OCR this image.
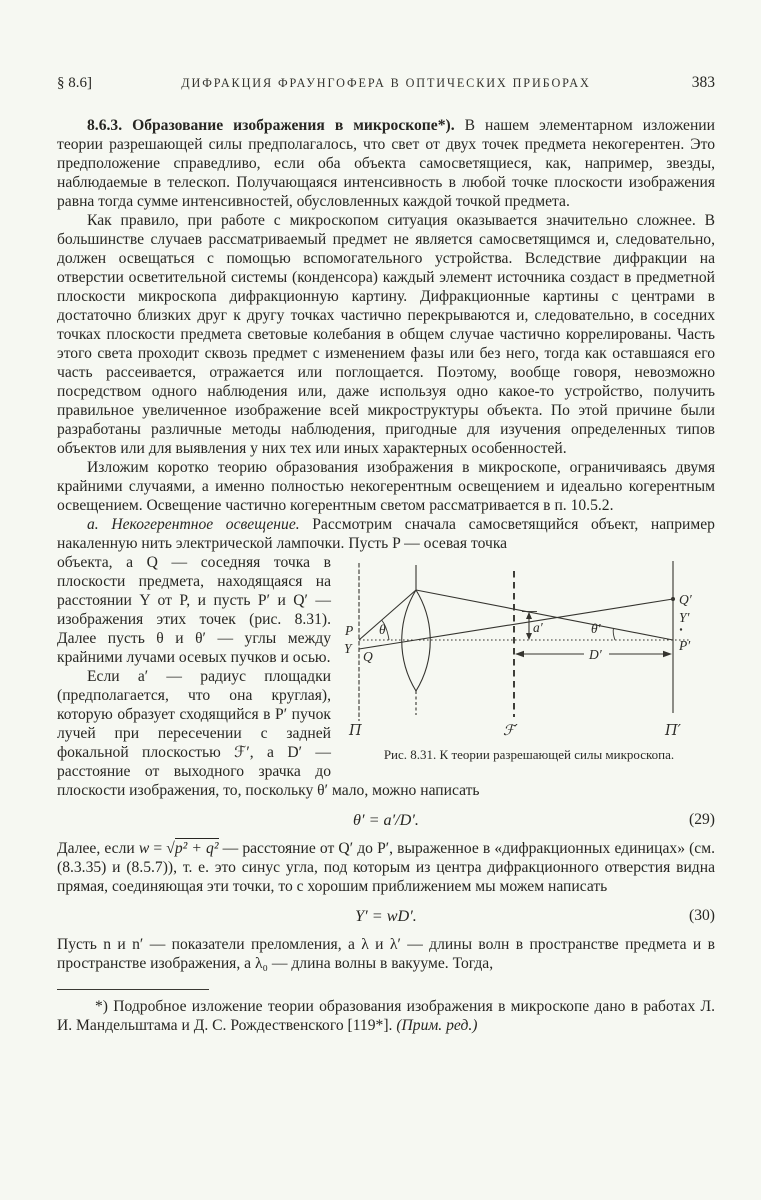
§ 8.6]	ДИФРАКЦИЯ ФРАУНГОФЕРА В ОПТИЧЕСКИХ ПРИБОРАХ	383

8.6.3. Образование изображения в микроскопе*). В нашем элементарном изложении теории разрешающей силы предполагалось, что свет от двух точек предмета некогерентен. Это предположение справедливо, если оба объекта самосветящиеся, как, например, звезды, наблюдаемые в телескоп. Получающаяся интенсивность в любой точке плоскости изображения равна тогда сумме интенсивностей, обусловленных каждой точкой предмета.

Как правило, при работе с микроскопом ситуация оказывается значительно сложнее. В большинстве случаев рассматриваемый предмет не является самосветящимся и, следовательно, должен освещаться с помощью вспомогательного устройства. Вследствие дифракции на отверстии осветительной системы (конденсора) каждый элемент источника создаст в предметной плоскости микроскопа дифракционную картину. Дифракционные картины с центрами в достаточно близких друг к другу точках частично перекрываются и, следовательно, в соседних точках плоскости предмета световые колебания в общем случае частично коррелированы. Часть этого света проходит сквозь предмет с изменением фазы или без него, тогда как оставшаяся его часть рассеивается, отражается или поглощается. Поэтому, вообще говоря, невозможно посредством одного наблюдения или, даже используя одно какое-то устройство, получить правильное увеличенное изображение всей микроструктуры объекта. По этой причине были разработаны различные методы наблюдения, пригодные для изучения определенных типов объектов или для выявления у них тех или иных характерных особенностей.

Изложим коротко теорию образования изображения в микроскопе, ограничиваясь двумя крайними случаями, а именно полностью некогерентным освещением и идеально когерентным освещением. Освещение частично когерентным светом рассматривается в п. 10.5.2.

а. Некогерентное освещение. Рассмотрим сначала самосветящийся объект, например накаленную нить электрической лампочки. Пусть P — осевая точка

P
Y
Q
θ	a′	θ′
D′
Q′
Y′
P′
П	ℱ′	П′
Рис. 8.31. К теории разрешающей силы микроскопа.

объекта, а Q — соседняя точка в плоскости предмета, находящаяся на расстоянии Y от P, и пусть P′ и Q′ — изображения этих точек (рис. 8.31). Далее пусть θ и θ′ — углы между крайними лучами осевых пучков и осью.

Если a′ — радиус площадки (предполагается, что она круглая), которую образует сходящийся в P′ пучок лучей при пересечении с задней фокальной плоскостью ℱ′, а D′ — расстояние от выходного зрачка до плоскости изображения, то, поскольку θ′ мало, можно написать

θ′ = a′/D′.	(29)

Далее, если w = √p² + q² — расстояние от Q′ до P′, выраженное в «дифракционных единицах» (см. (8.3.35) и (8.5.7)), т. е. это синус угла, под которым из центра дифракционного отверстия видна прямая, соединяющая эти точки, то с хорошим приближением мы можем написать

Y′ = wD′.	(30)

Пусть n и n′ — показатели преломления, а λ и λ′ — длины волн в пространстве предмета и в пространстве изображения, а λ₀ — длина волны в вакууме. Тогда,

*) Подробное изложение теории образования изображения в микроскопе дано в работах Л. И. Мандельштама и Д. С. Рождественского [119*]. (Прим. ред.)
